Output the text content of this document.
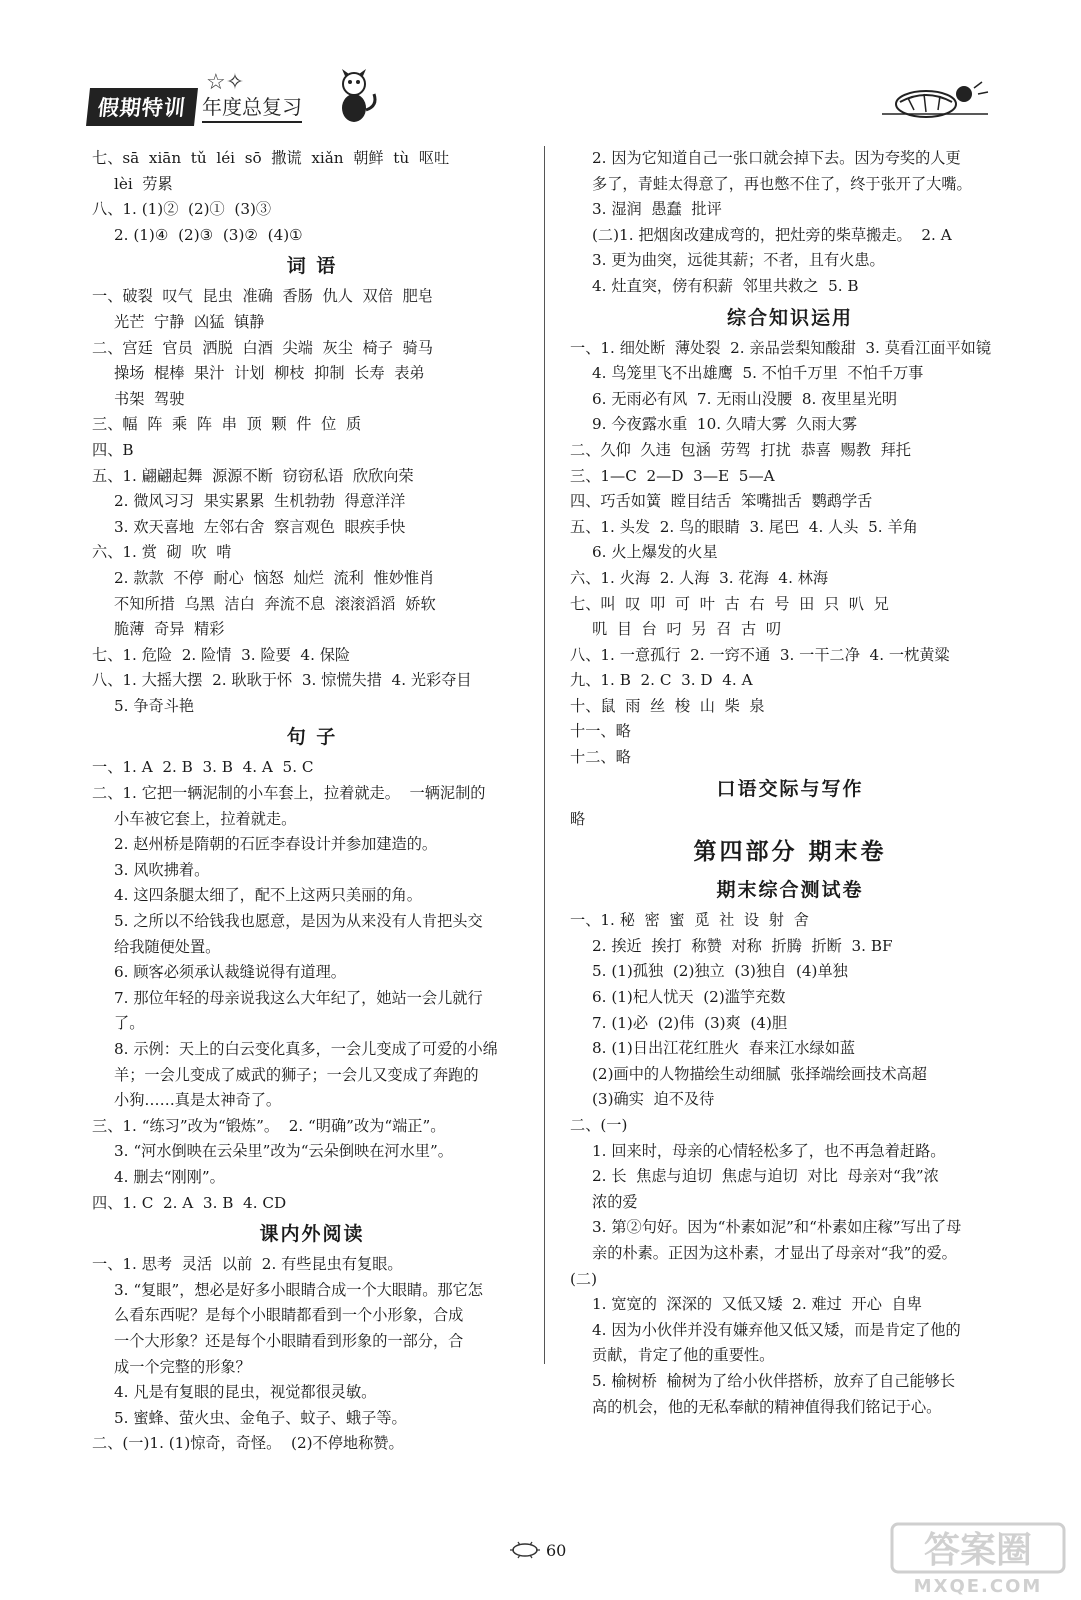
假期特训 年度总复习
☆✧
七、sā  xiān  tǔ  léi  sō  撒谎  xiǎn  朝鲜  tù  呕吐
lèi  劳累
八、1. (1)②  (2)①  (3)③
2. (1)④  (2)③  (3)②  (4)①
词 语
一、破裂  叹气  昆虫  准确  香肠  仇人  双倍  肥皂
光芒  宁静  凶猛  镇静
二、宫廷  官员  洒脱  白酒  尖端  灰尘  椅子  骑马
操场  棍棒  果汁  计划  柳枝  抑制  长寿  表弟
书架  驾驶
三、幅  阵  乘  阵  串  顶  颗  件  位  质
四、B
五、1. 翩翩起舞  源源不断  窃窃私语  欣欣向荣
2. 微风习习  果实累累  生机勃勃  得意洋洋
3. 欢天喜地  左邻右舍  察言观色  眼疾手快
六、1. 赏  砌  吹  啃
2. 款款  不停  耐心  恼怒  灿烂  流利  惟妙惟肖
不知所措  乌黑  洁白  奔流不息  滚滚滔滔  娇软
脆薄  奇异  精彩
七、1. 危险  2. 险情  3. 险要  4. 保险
八、1. 大摇大摆  2. 耿耿于怀  3. 惊慌失措  4. 光彩夺目
5. 争奇斗艳
句 子
一、1. A  2. B  3. B  4. A  5. C
二、1. 它把一辆泥制的小车套上，拉着就走。  一辆泥制的
小车被它套上，拉着就走。
2. 赵州桥是隋朝的石匠李春设计并参加建造的。
3. 风吹拂着。
4. 这四条腿太细了，配不上这两只美丽的角。
5. 之所以不给钱我也愿意，是因为从来没有人肯把头交
给我随便处置。
6. 顾客必须承认裁缝说得有道理。
7. 那位年轻的母亲说我这么大年纪了，她站一会儿就行
了。
8. 示例：天上的白云变化真多，一会儿变成了可爱的小绵
羊；一会儿变成了威武的狮子；一会儿又变成了奔跑的
小狗……真是太神奇了。
三、1. “练习”改为“锻炼”。  2. “明确”改为“端正”。
3. “河水倒映在云朵里”改为“云朵倒映在河水里”。
4. 删去“刚刚”。
四、1. C  2. A  3. B  4. CD
课内外阅读
一、1. 思考  灵活  以前  2. 有些昆虫有复眼。
3. “复眼”，想必是好多小眼睛合成一个大眼睛。那它怎
么看东西呢？是每个小眼睛都看到一个小形象，合成
一个大形象？还是每个小眼睛看到形象的一部分，合
成一个完整的形象？
4. 凡是有复眼的昆虫，视觉都很灵敏。
5. 蜜蜂、萤火虫、金龟子、蚊子、蛾子等。
二、(一)1. (1)惊奇，奇怪。  (2)不停地称赞。
2. 因为它知道自己一张口就会掉下去。因为夸奖的人更
多了，青蛙太得意了，再也憋不住了，终于张开了大嘴。
3. 湿润  愚蠢  批评
(二)1. 把烟囱改建成弯的，把灶旁的柴草搬走。  2. A
3. 更为曲突，远徙其薪；不者，且有火患。
4. 灶直突，傍有积薪  邻里共救之  5. B
综合知识运用
一、1. 细处断  薄处裂  2. 亲品尝梨知酸甜  3. 莫看江面平如镜
4. 鸟笼里飞不出雄鹰  5. 不怕千万里  不怕千万事
6. 无雨必有风  7. 无雨山没腰  8. 夜里星光明
9. 今夜露水重  10. 久晴大雾  久雨大雾
二、久仰  久违  包涵  劳驾  打扰  恭喜  赐教  拜托
三、1—C  2—D  3—E  5—A
四、巧舌如簧  瞠目结舌  笨嘴拙舌  鹦鹉学舌
五、1. 头发  2. 鸟的眼睛  3. 尾巴  4. 人头  5. 羊角
6. 火上爆发的火星
六、1. 火海  2. 人海  3. 花海  4. 林海
七、叫  叹  叩  可  叶  古  右  号  田  只  叭  兄
叽  目  台  叼  另  召  古  叨
八、1. 一意孤行  2. 一窍不通  3. 一干二净  4. 一枕黄粱
九、1. B  2. C  3. D  4. A
十、鼠  雨  丝  梭  山  柴  泉
十一、略
十二、略
口语交际与写作
略
第四部分 期末卷
期末综合测试卷
一、1. 秘  密  蜜  觅  社  设  射  舍
2. 挨近  挨打  称赞  对称  折腾  折断  3. BF
5. (1)孤独  (2)独立  (3)独自  (4)单独
6. (1)杞人忧天  (2)滥竽充数
7. (1)必  (2)伟  (3)爽  (4)胆
8. (1)日出江花红胜火  春来江水绿如蓝
(2)画中的人物描绘生动细腻  张择端绘画技术高超
(3)确实  迫不及待
二、(一)
1. 回来时，母亲的心情轻松多了，也不再急着赶路。
2. 长  焦虑与迫切  焦虑与迫切  对比  母亲对“我”浓
浓的爱
3. 第②句好。因为“朴素如泥”和“朴素如庄稼”写出了母
亲的朴素。正因为这朴素，才显出了母亲对“我”的爱。
(二)
1. 宽宽的  深深的  又低又矮  2. 难过  开心  自卑
4. 因为小伙伴并没有嫌弃他又低又矮，而是肯定了他的
贡献，肯定了他的重要性。
5. 榆树桥  榆树为了给小伙伴搭桥，放弃了自己能够长
高的机会，他的无私奉献的精神值得我们铭记于心。
60	答案圈
MXQE.COM
